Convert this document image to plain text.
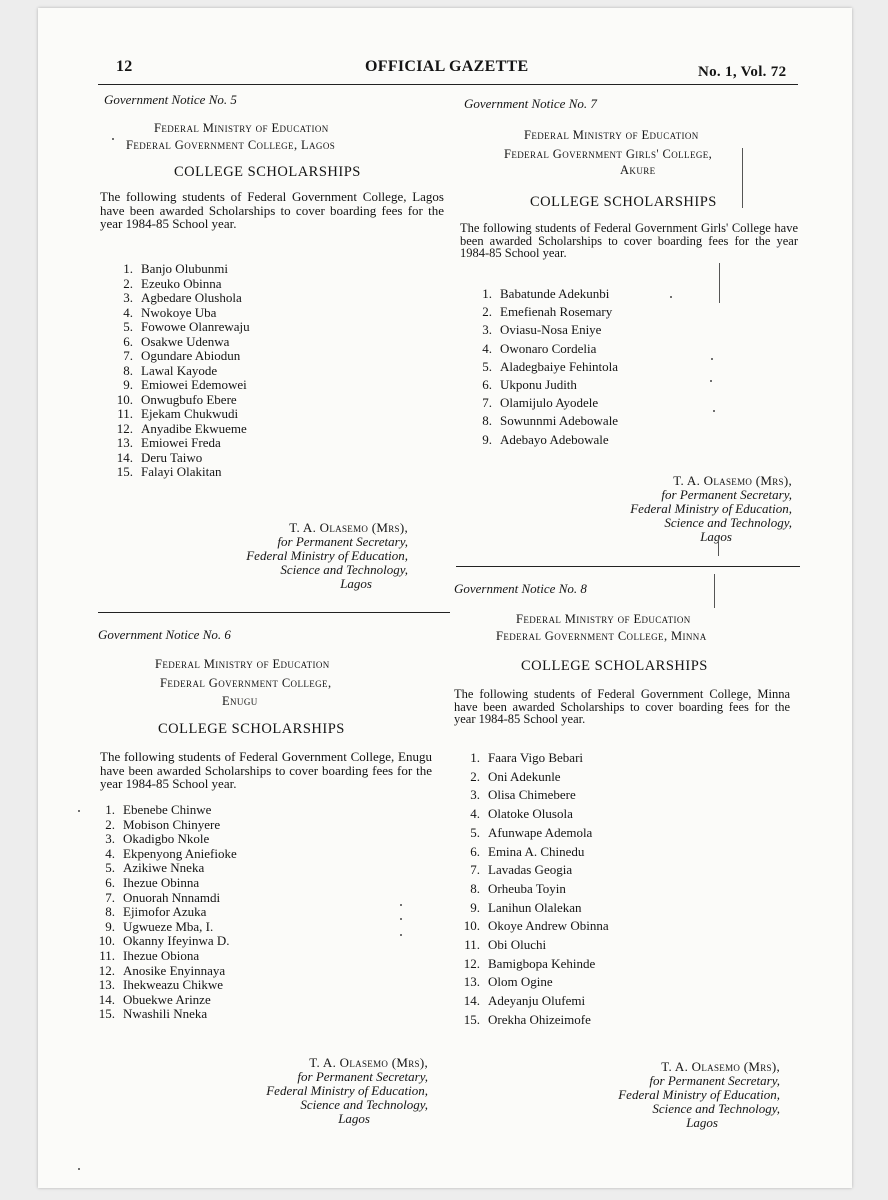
12	OFFICIAL GAZETTE	No. 1, Vol. 72
Government Notice No. 5
Federal Ministry of Education
Federal Government College, Lagos
COLLEGE SCHOLARSHIPS
The following students of Federal Government College, Lagos have been awarded Scholarships to cover boarding fees for the year 1984-85 School year.
1. Banjo Olubunmi
2. Ezeuko Obinna
3. Agbedare Olushola
4. Nwokoye Uba
5. Fowowe Olanrewaju
6. Osakwe Udenwa
7. Ogundare Abiodun
8. Lawal Kayode
9. Emiowei Edemowei
10. Onwugbufo Ebere
11. Ejekam Chukwudi
12. Anyadibe Ekwueme
13. Emiowei Freda
14. Deru Taiwo
15. Falayi Olakitan
T. A. Olasemo (Mrs),
for Permanent Secretary,
Federal Ministry of Education,
Science and Technology,
Lagos
Government Notice No. 6
Federal Ministry of Education
Federal Government College,
Enugu
COLLEGE SCHOLARSHIPS
The following students of Federal Government College, Enugu have been awarded Scholarships to cover boarding fees for the year 1984-85 School year.
1. Ebenebe Chinwe
2. Mobison Chinyere
3. Okadigbo Nkole
4. Ekpenyong Aniefioke
5. Azikiwe Nneka
6. Ihezue Obinna
7. Onuorah Nnnamdi
8. Ejimofor Azuka
9. Ugwueze Mba, I.
10. Okanny Ifeyinwa D.
11. Ihezue Obiona
12. Anosike Enyinnaya
13. Ihekweazu Chikwe
14. Obuekwe Arinze
15. Nwashili Nneka
T. A. Olasemo (Mrs),
for Permanent Secretary,
Federal Ministry of Education,
Science and Technology,
Lagos
Government Notice No. 7
Federal Ministry of Education
Federal Government Girls' College,
Akure
COLLEGE SCHOLARSHIPS
The following students of Federal Government Girls' College have been awarded Scholarships to cover boarding fees for the year 1984-85 School year.
1. Babatunde Adekunbi
2. Emefienah Rosemary
3. Oviasu-Nosa Eniye
4. Owonaro Cordelia
5. Aladegbaiye Fehintola
6. Ukponu Judith
7. Olamijulo Ayodele
8. Sowunnmi Adebowale
9. Adebayo Adebowale
T. A. Olasemo (Mrs),
for Permanent Secretary,
Federal Ministry of Education,
Science and Technology,
Lagos
Government Notice No. 8
Federal Ministry of Education
Federal Government College, Minna
COLLEGE SCHOLARSHIPS
The following students of Federal Government College, Minna have been awarded Scholarships to cover boarding fees for the year 1984-85 School year.
1. Faara Vigo Bebari
2. Oni Adekunle
3. Olisa Chimebere
4. Olatoke Olusola
5. Afunwape Ademola
6. Emina A. Chinedu
7. Lavadas Geogia
8. Orheuba Toyin
9. Lanihun Olalekan
10. Okoye Andrew Obinna
11. Obi Oluchi
12. Bamigbopa Kehinde
13. Olom Ogine
14. Adeyanju Olufemi
15. Orekha Ohizeimofe
T. A. Olasemo (Mrs),
for Permanent Secretary,
Federal Ministry of Education,
Science and Technology,
Lagos
